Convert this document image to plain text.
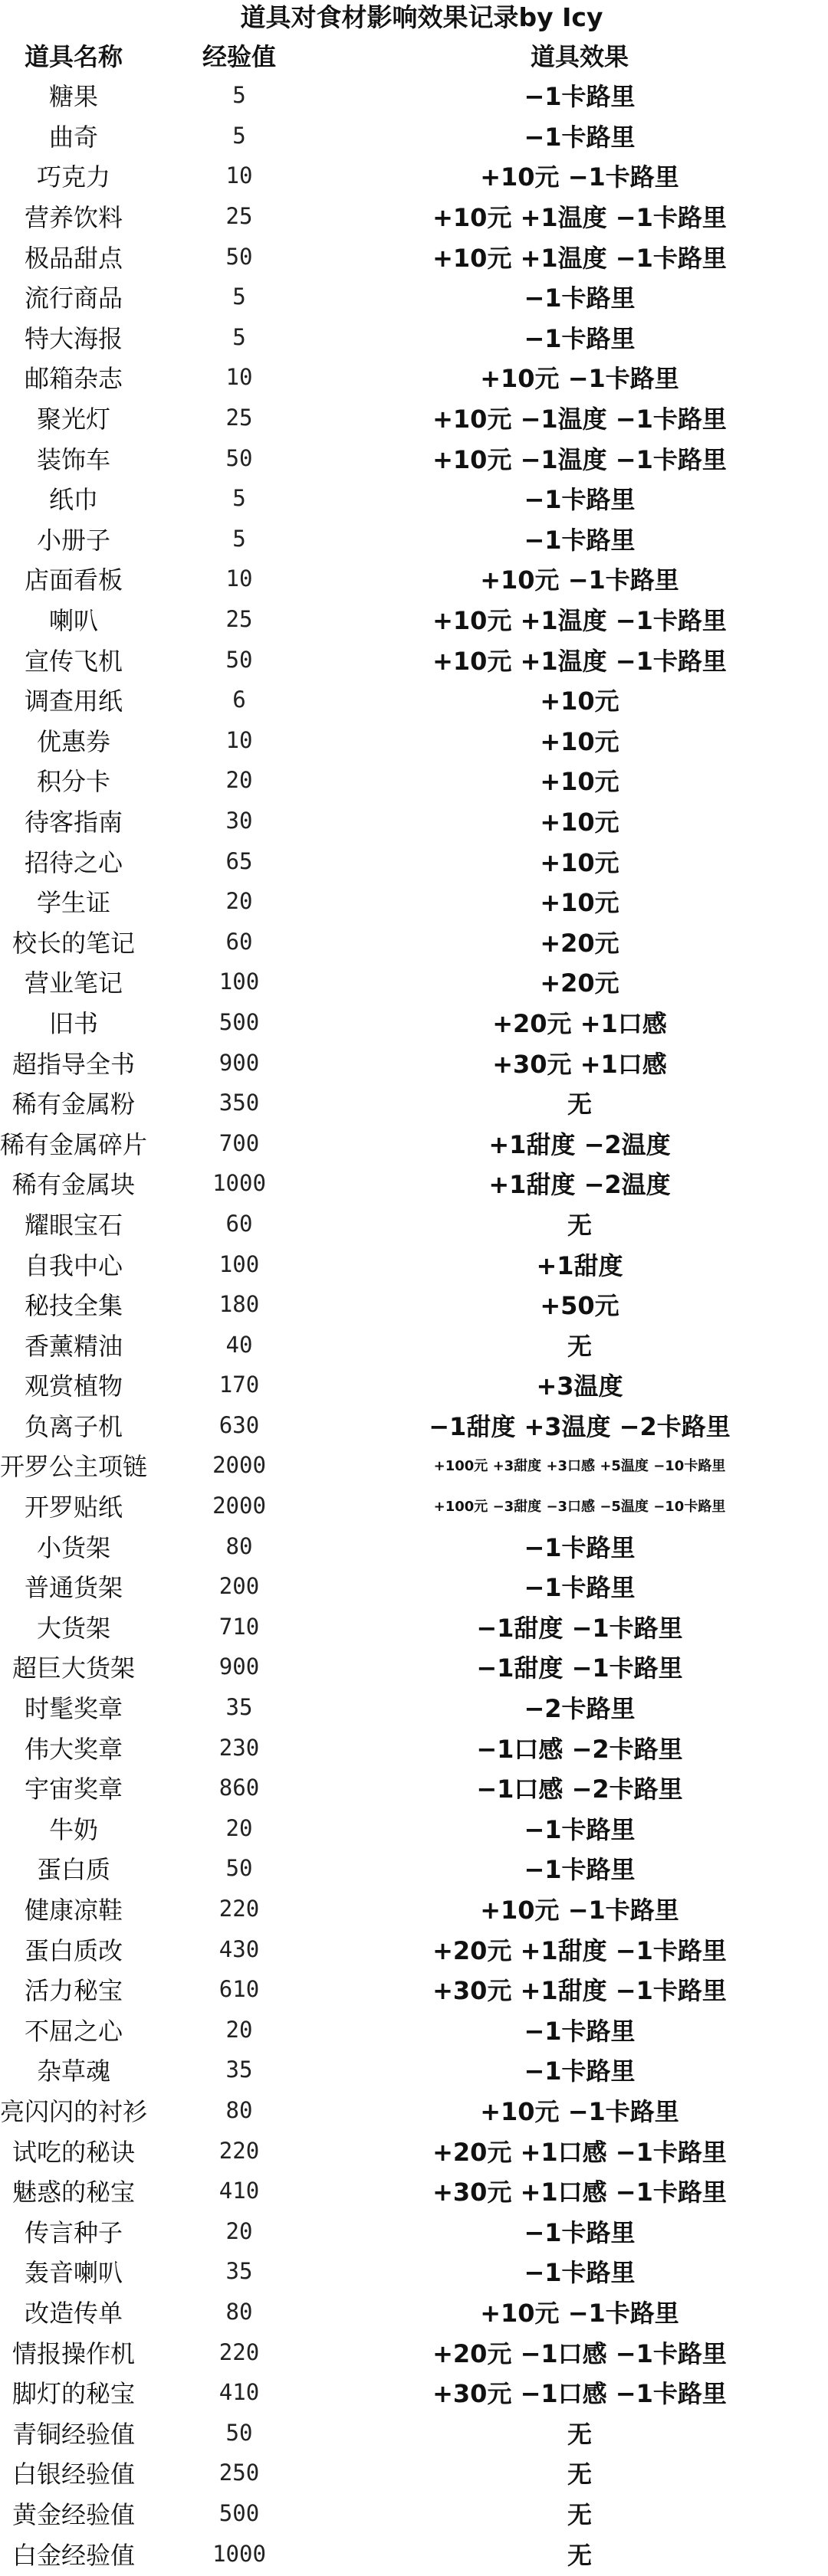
道具对食材影响效果记录by Icy
道具名称	经验值	道具效果
糖果	5	−1卡路里
曲奇	5	−1卡路里
巧克力	10	+10元 −1卡路里
营养饮料	25	+10元 +1温度 −1卡路里
极品甜点	50	+10元 +1温度 −1卡路里
流行商品	5	−1卡路里
特大海报	5	−1卡路里
邮箱杂志	10	+10元 −1卡路里
聚光灯	25	+10元 −1温度 −1卡路里
装饰车	50	+10元 −1温度 −1卡路里
纸巾	5	−1卡路里
小册子	5	−1卡路里
店面看板	10	+10元 −1卡路里
喇叭	25	+10元 +1温度 −1卡路里
宣传飞机	50	+10元 +1温度 −1卡路里
调查用纸	6	+10元
优惠券	10	+10元
积分卡	20	+10元
待客指南	30	+10元
招待之心	65	+10元
学生证	20	+10元
校长的笔记	60	+20元
营业笔记	100	+20元
旧书	500	+20元 +1口感
超指导全书	900	+30元 +1口感
稀有金属粉	350	无
稀有金属碎片	700	+1甜度 −2温度
稀有金属块	1000	+1甜度 −2温度
耀眼宝石	60	无
自我中心	100	+1甜度
秘技全集	180	+50元
香薰精油	40	无
观赏植物	170	+3温度
负离子机	630	−1甜度 +3温度 −2卡路里
开罗公主项链	2000	+100元 +3甜度 +3口感 +5温度 −10卡路里
开罗贴纸	2000	+100元 −3甜度 −3口感 −5温度 −10卡路里
小货架	80	−1卡路里
普通货架	200	−1卡路里
大货架	710	−1甜度 −1卡路里
超巨大货架	900	−1甜度 −1卡路里
时髦奖章	35	−2卡路里
伟大奖章	230	−1口感 −2卡路里
宇宙奖章	860	−1口感 −2卡路里
牛奶	20	−1卡路里
蛋白质	50	−1卡路里
健康凉鞋	220	+10元 −1卡路里
蛋白质改	430	+20元 +1甜度 −1卡路里
活力秘宝	610	+30元 +1甜度 −1卡路里
不屈之心	20	−1卡路里
杂草魂	35	−1卡路里
亮闪闪的衬衫	80	+10元 −1卡路里
试吃的秘诀	220	+20元 +1口感 −1卡路里
魅惑的秘宝	410	+30元 +1口感 −1卡路里
传言种子	20	−1卡路里
轰音喇叭	35	−1卡路里
改造传单	80	+10元 −1卡路里
情报操作机	220	+20元 −1口感 −1卡路里
脚灯的秘宝	410	+30元 −1口感 −1卡路里
青铜经验值	50	无
白银经验值	250	无
黄金经验值	500	无
白金经验值	1000	无
